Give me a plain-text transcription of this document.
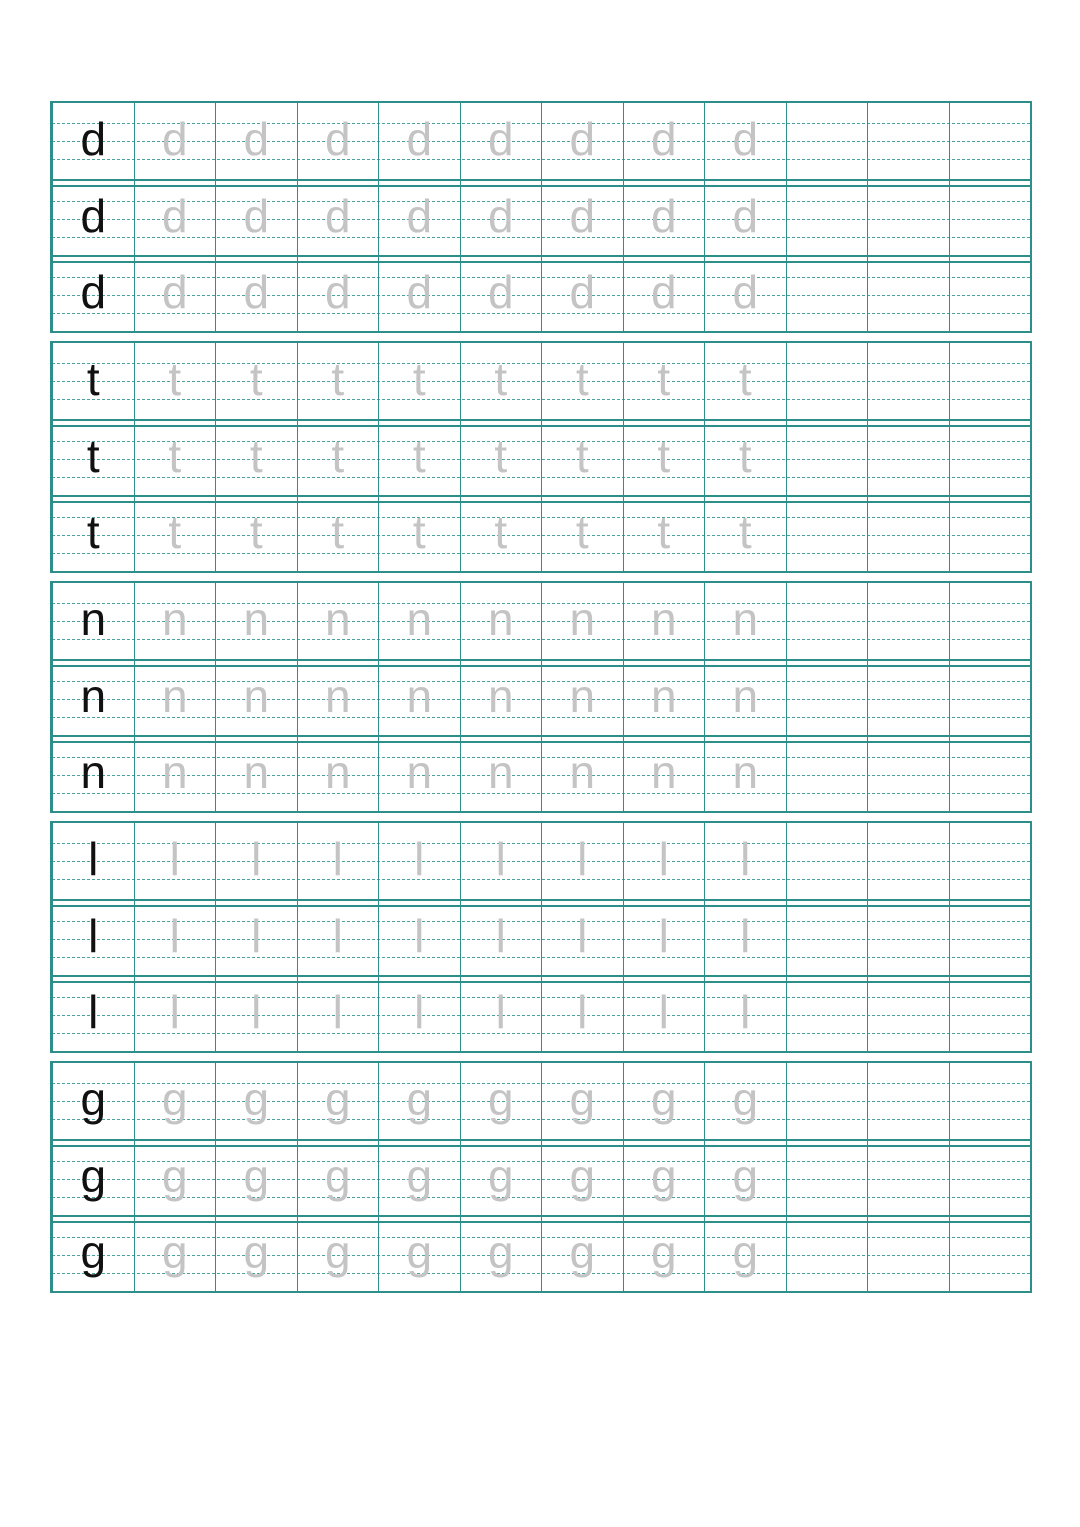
d d d d d d d d d
d d d d d d d d d
d d d d d d d d d
t t t t t t t t t
t t t t t t t t t
t t t t t t t t t
n n n n n n n n n
n n n n n n n n n
n n n n n n n n n
l l l l l l l l l
l l l l l l l l l
l l l l l l l l l
g g g g g g g g g
g g g g g g g g g
g g g g g g g g g
